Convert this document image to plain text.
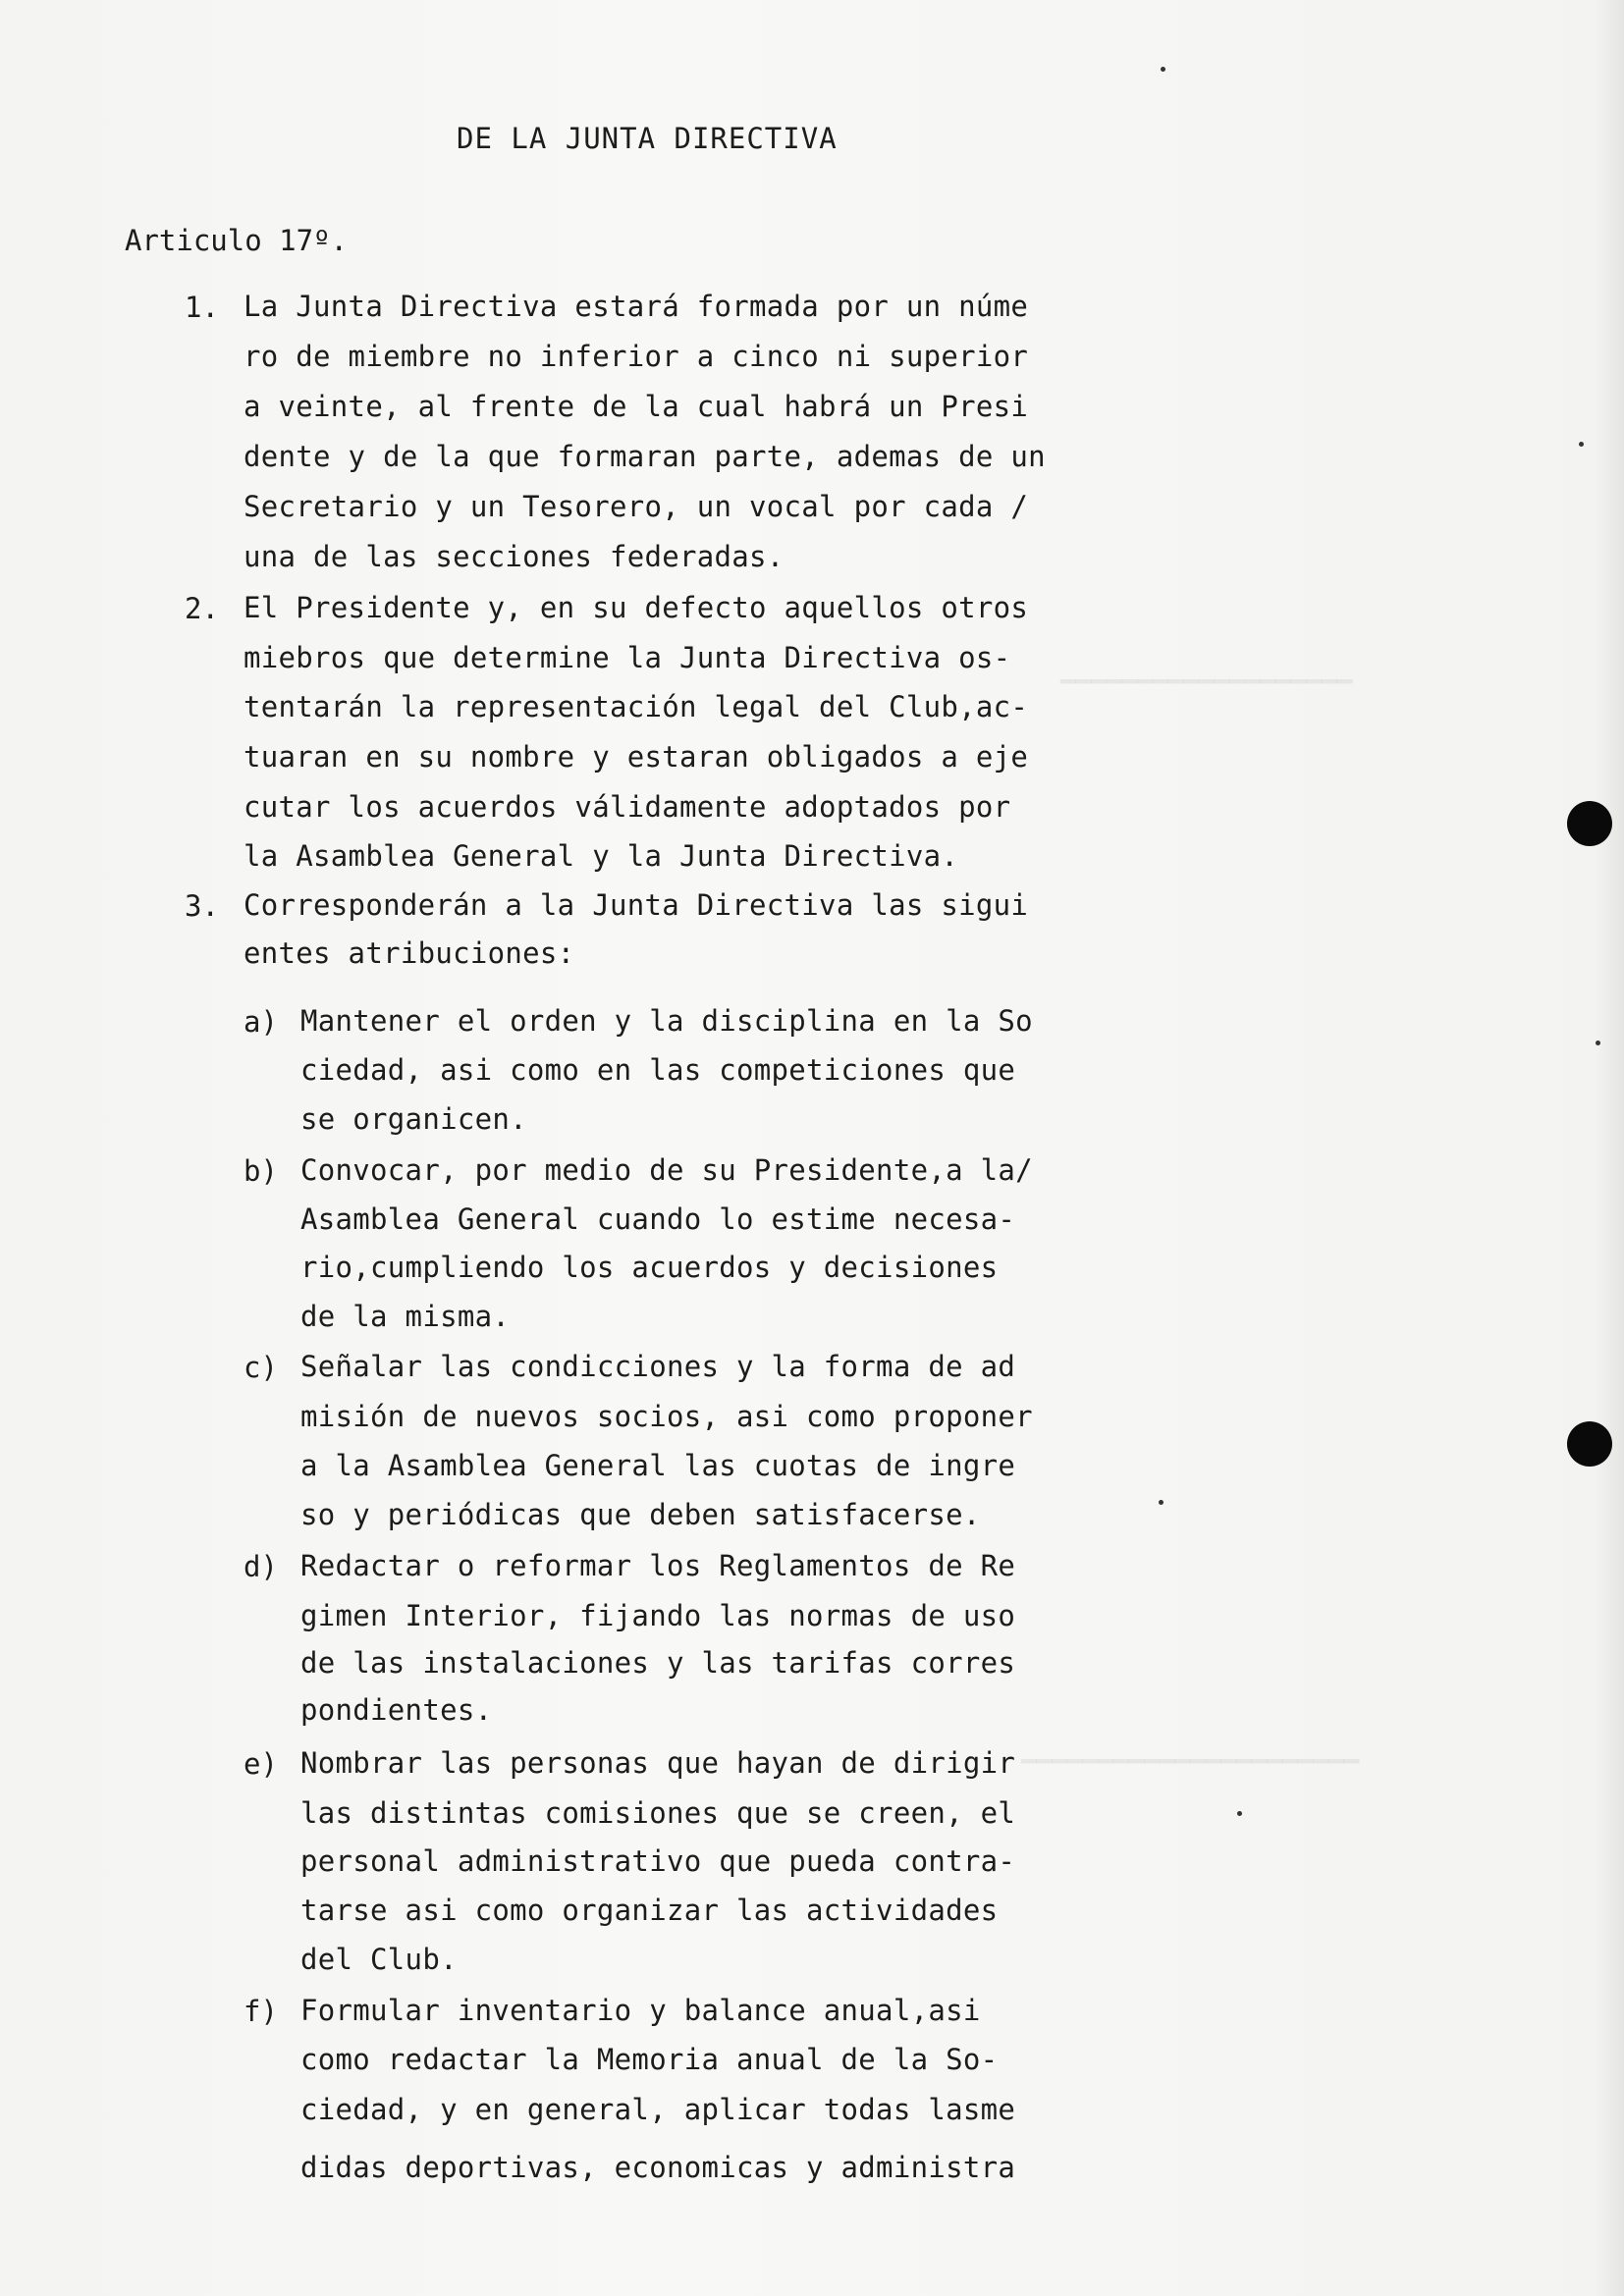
━━━━━━━━━━━━━━━━━━━
━━━━━━━━━━━━━━━━━━━━━━
DE LA JUNTA DIRECTIVA
Articulo 17º.
1. La Junta Directiva estará formada por un núme
ro de miembre no inferior a cinco ni superior
a veinte, al frente de la cual habrá un Presi
dente y de la que formaran parte, ademas de un
Secretario y un Tesorero, un vocal por cada /
una de las secciones federadas.
2. El Presidente y, en su defecto aquellos otros
miebros que determine la Junta Directiva os-
tentarán la representación legal del Club,ac-
tuaran en su nombre y estaran obligados a eje
cutar los acuerdos válidamente adoptados por
la Asamblea General y la Junta Directiva.
3. Corresponderán a la Junta Directiva las sigui
entes atribuciones:
a) Mantener el orden y la disciplina en la So
ciedad, asi como en las competiciones que
se organicen.
b) Convocar, por medio de su Presidente,a la/
Asamblea General cuando lo estime necesa-
rio,cumpliendo los acuerdos y decisiones
de la misma.
c) Señalar las condicciones y la forma de ad
misión de nuevos socios, asi como proponer
a la Asamblea General las cuotas de ingre
so y periódicas que deben satisfacerse.
d) Redactar o reformar los Reglamentos de Re
gimen Interior, fijando las normas de uso
de las instalaciones y las tarifas corres
pondientes.
e) Nombrar las personas que hayan de dirigir
las distintas comisiones que se creen, el
personal administrativo que pueda contra-
tarse asi como organizar las actividades
del Club.
f) Formular inventario y balance anual,asi
como redactar la Memoria anual de la So-
ciedad, y en general, aplicar todas lasme
didas deportivas, economicas y administra
